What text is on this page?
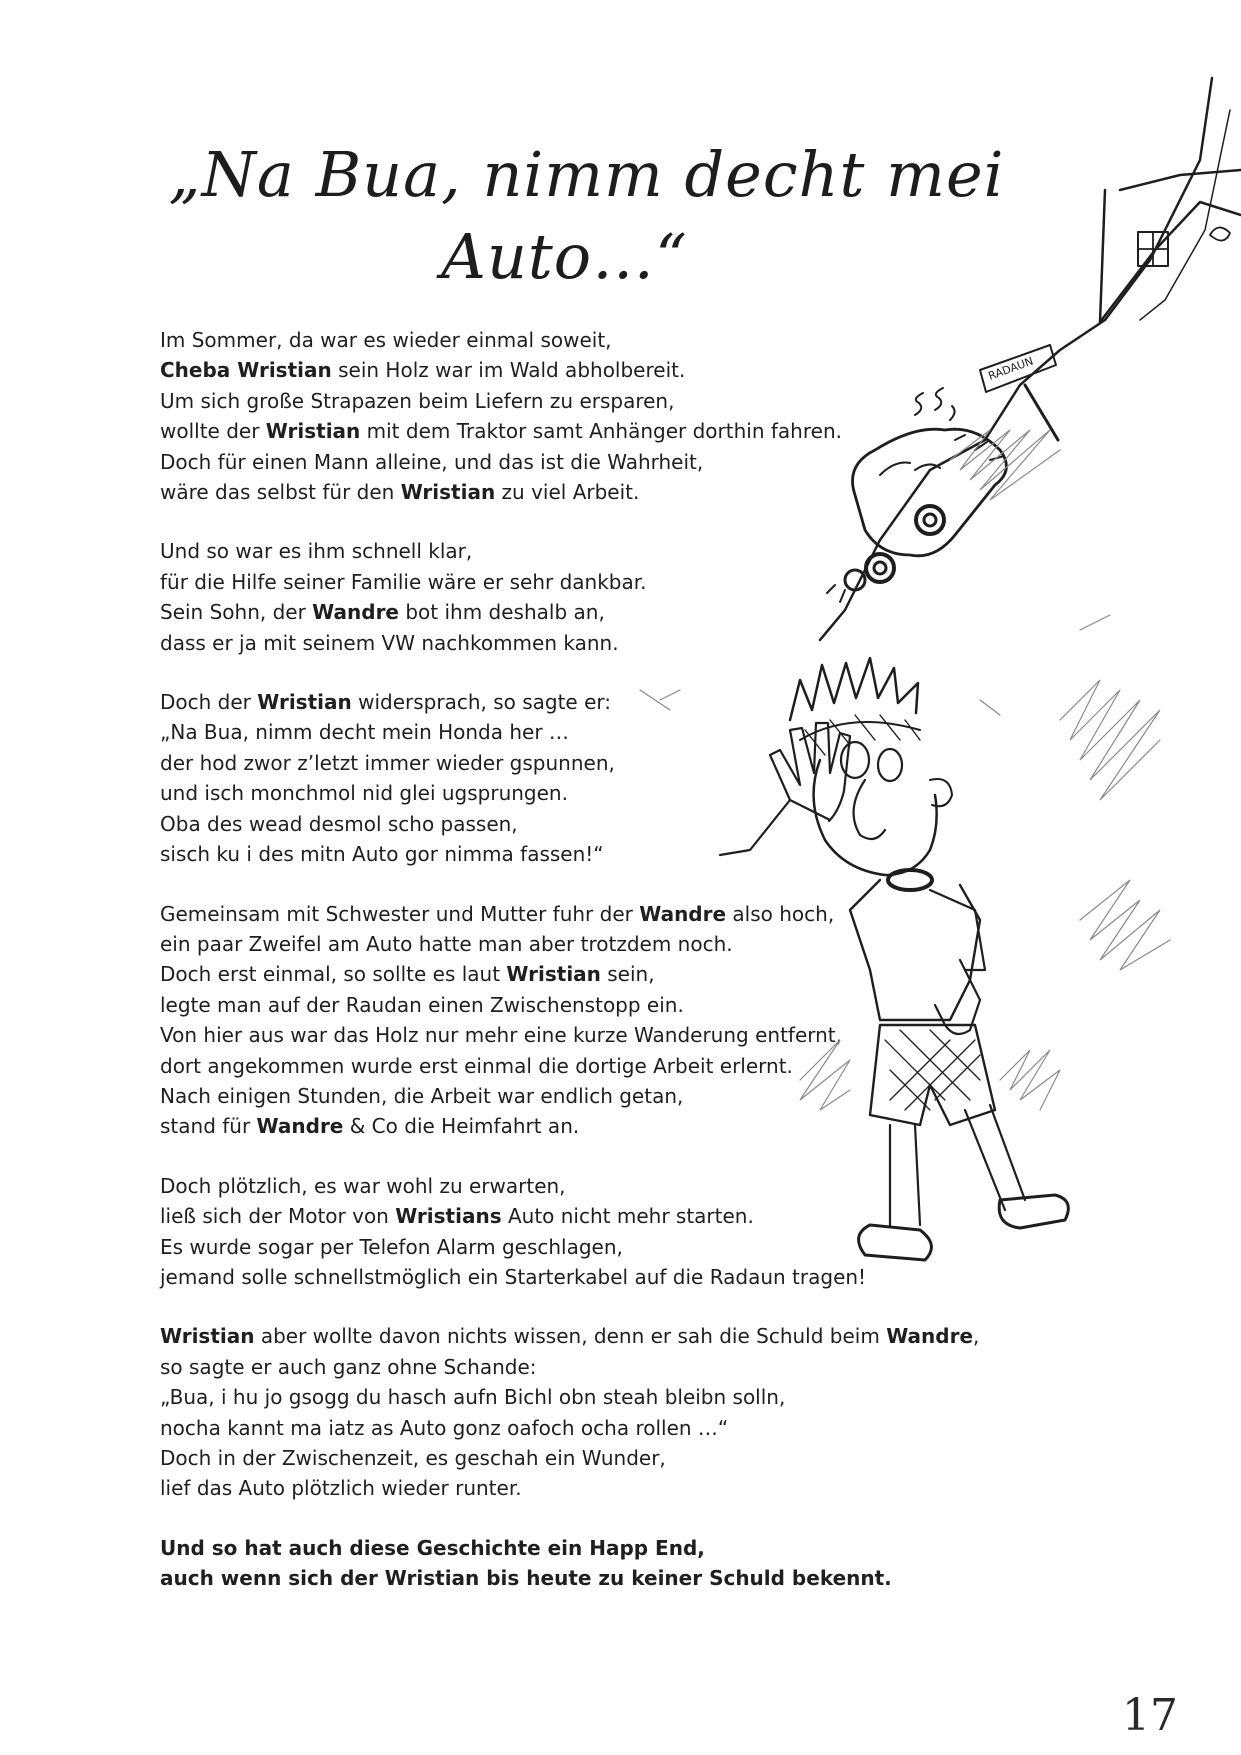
„Na Bua, nimm decht mei
Auto…“
Im Sommer, da war es wieder einmal soweit,
Cheba Wristian sein Holz war im Wald abholbereit.
Um sich große Strapazen beim Liefern zu ersparen,
wollte der Wristian mit dem Traktor samt Anhänger dorthin fahren.
Doch für einen Mann alleine, und das ist die Wahrheit,
wäre das selbst für den Wristian zu viel Arbeit.
Und so war es ihm schnell klar,
für die Hilfe seiner Familie wäre er sehr dankbar.
Sein Sohn, der Wandre bot ihm deshalb an,
dass er ja mit seinem VW nachkommen kann.
Doch der Wristian widersprach, so sagte er:
„Na Bua, nimm decht mein Honda her …
der hod zwor z’letzt immer wieder gspunnen,
und isch monchmol nid glei ugsprungen.
Oba des wead desmol scho passen,
sisch ku i des mitn Auto gor nimma fassen!“
Gemeinsam mit Schwester und Mutter fuhr der Wandre also hoch,
ein paar Zweifel am Auto hatte man aber trotzdem noch.
Doch erst einmal, so sollte es laut Wristian sein,
legte man auf der Raudan einen Zwischenstopp ein.
Von hier aus war das Holz nur mehr eine kurze Wanderung entfernt,
dort angekommen wurde erst einmal die dortige Arbeit erlernt.
Nach einigen Stunden, die Arbeit war endlich getan,
stand für Wandre & Co die Heimfahrt an.
Doch plötzlich, es war wohl zu erwarten,
ließ sich der Motor von Wristians Auto nicht mehr starten.
Es wurde sogar per Telefon Alarm geschlagen,
jemand solle schnellstmöglich ein Starterkabel auf die Radaun tragen!
Wristian aber wollte davon nichts wissen, denn er sah die Schuld beim Wandre,
so sagte er auch ganz ohne Schande:
„Bua, i hu jo gsogg du hasch aufn Bichl obn steah bleibn solln,
nocha kannt ma iatz as Auto gonz oafoch ocha rollen …“
Doch in der Zwischenzeit, es geschah ein Wunder,
lief das Auto plötzlich wieder runter.
Und so hat auch diese Geschichte ein Happ End,
auch wenn sich der Wristian bis heute zu keiner Schuld bekennt.
RADAUN
17
